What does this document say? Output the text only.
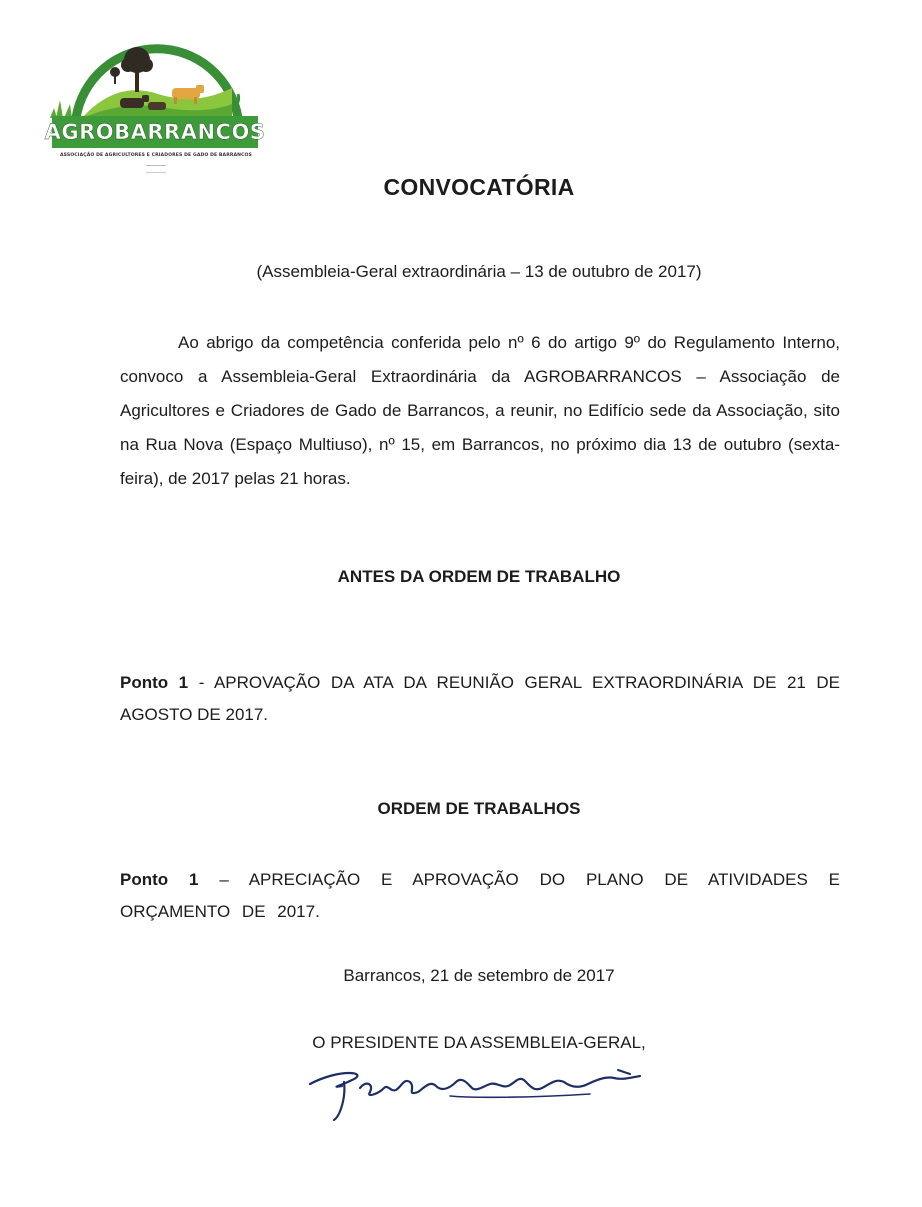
AGROBARRANCOS
ASSOCIAÇÃO DE AGRICULTORES E CRIADORES DE GADO DE BARRANCOS
CONVOCATÓRIA
(Assembleia-Geral extraordinária – 13 de outubro de 2017)

Ao abrigo da competência conferida pelo nº 6 do artigo 9º do Regulamento Interno, convoco a Assembleia-Geral Extraordinária da AGROBARRANCOS – Associação de Agricultores e Criadores de Gado de Barrancos, a reunir, no Edifício sede da Associação, sito na Rua Nova (Espaço Multiuso), nº 15, em Barrancos, no próximo dia 13 de outubro (sexta-feira), de 2017 pelas 21 horas.

ANTES DA ORDEM DE TRABALHO

Ponto 1 - APROVAÇÃO DA ATA DA REUNIÃO GERAL EXTRAORDINÁRIA DE 21 DE AGOSTO DE 2017.

ORDEM DE TRABALHOS

Ponto 1 – APRECIAÇÃO E APROVAÇÃO DO PLANO DE ATIVIDADES E ORÇAMENTO DE 2017.

Barrancos, 21 de setembro de 2017
O PRESIDENTE DA ASSEMBLEIA-GERAL,
